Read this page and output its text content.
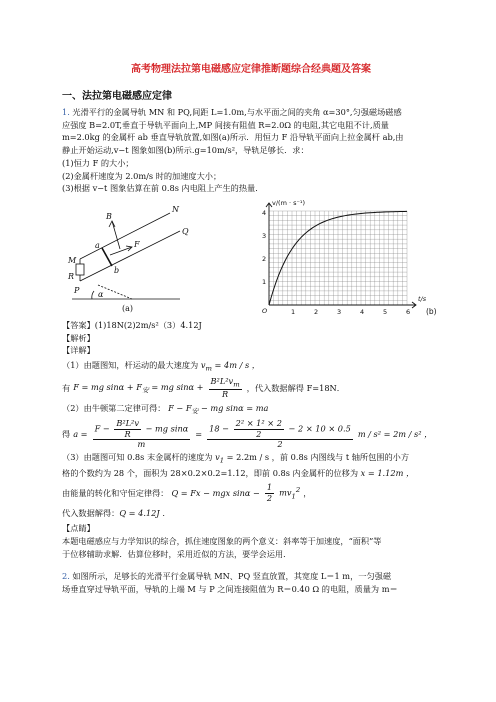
高考物理法拉第电磁感应定律推断题综合经典题及答案
一、法拉第电磁感应定律

1. 光滑平行的金属导轨 MN 和 PQ,间距 L=1.0m,与水平面之间的夹角 α=30°,匀强磁场磁感

应强度 B=2.0T,垂直于导轨平面向上,MP 间接有阻值 R=2.0Ω 的电阻,其它电阻不计,质量

m=2.0kg 的金属杆 ab 垂直导轨放置,如图(a)所示．用恒力 F 沿导轨平面向上拉金属杆 ab,由

静止开始运动,v−t 图象如图(b)所示.g=10m/s²，导轨足够长．求：

(1)恒力 F 的大小；

(2)金属杆速度为 2.0m/s 时的加速度大小；

(3)根据 v−t 图象估算在前 0.8s 内电阻上产生的热量．

B
N
Q
M
R
P
F
a
b
α
(a)
v/(m · s⁻¹)
t/s
O
1
2
3
4
1	2	3	4	5	6 (b)

【答案】(1)18N(2)2m/s²（3）4.12J

【解析】

【详解】

（1）由题图知，杆运动的最大速度为 $v_m = 4m / s$ ，

有 F = mg $\sin\alpha + F_安$ = mg $\sin\alpha + \frac{B^2L^2v_m}{R}$ ，代入数据解得 F=18N．

（2）由牛顿第二定律可得： $F - F_安$ − mg sinα = ma

得 $a = \frac{F - \frac{\text{B²L²v}}{R} - mg \sin\alpha}{m} = \frac{18 - \frac{\text{2² × 1² × 2}}{2} - 2 \times 10 \times 0.5}{2}$ m / s² = 2m / s² ，

（3）由题图可知 0.8s 末金属杆的速度为 $v_1 = 2.2m / s$ ，前 0.8s 内图线与 t 轴所包围的小方

格的个数约为 28 个，面积为 28×0.2×0.2=1.12，即前 0.8s 内金属杆的位移为 x = 1.12m ，

由能量的转化和守恒定律得： Q = Fx − mgx $\sin\alpha - \frac{1}{2} mv_1^2$ ，

代入数据解得：Q = 4.12J ．

【点睛】

本题电磁感应与力学知识的综合，抓住速度图象的两个意义：斜率等于加速度，“面积”等

于位移辅助求解．估算位移时，采用近似的方法，要学会运用．

2. 如图所示，足够长的光滑平行金属导轨 MN、PQ 竖直放置，其宽度 L＝1 m，一匀强磁

场垂直穿过导轨平面，导轨的上端 M 与 P 之间连接阻值为 R＝0.40 Ω 的电阻，质量为 m＝
